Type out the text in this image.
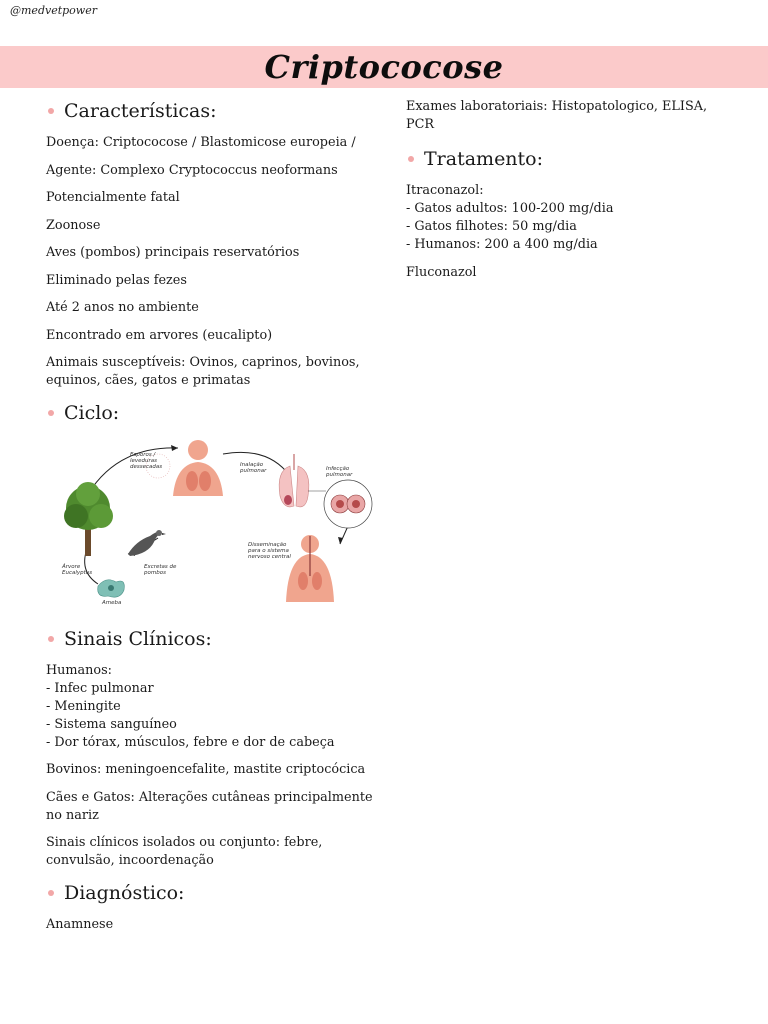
@medvetpower
Criptococose
Características:

Doença: Criptococose / Blastomicose europeia /

Agente: Complexo Cryptococcus neoformans

Potencialmente fatal

Zoonose

Aves (pombos) principais reservatórios

Eliminado pelas fezes

Até 2 anos no ambiente

Encontrado em arvores (eucalipto)

Animais susceptíveis: Ovinos, caprinos, bovinos, equinos, cães, gatos e primatas

Ciclo:
Esporos / leveduras dessecadas	Inalação pulmonar	Infecção pulmonar
Disseminação para o sistema nervoso central
Árvore Eucalyptus
Excretas de pombos
Ameba
Sinais Clínicos:

Humanos:

- Infec pulmonar

- Meningite

- Sistema sanguíneo

- Dor tórax, músculos, febre e dor de cabeça

Bovinos: meningoencefalite, mastite criptocócica

Cães e Gatos: Alterações cutâneas principalmente no nariz

Sinais clínicos isolados ou conjunto: febre, convulsão, incoordenação

Diagnóstico:

Anamnese

Exames laboratoriais: Histopatologico, ELISA, PCR

Tratamento:

Itraconazol:

- Gatos adultos: 100-200 mg/dia

- Gatos filhotes: 50 mg/dia

- Humanos: 200 a 400 mg/dia

Fluconazol
